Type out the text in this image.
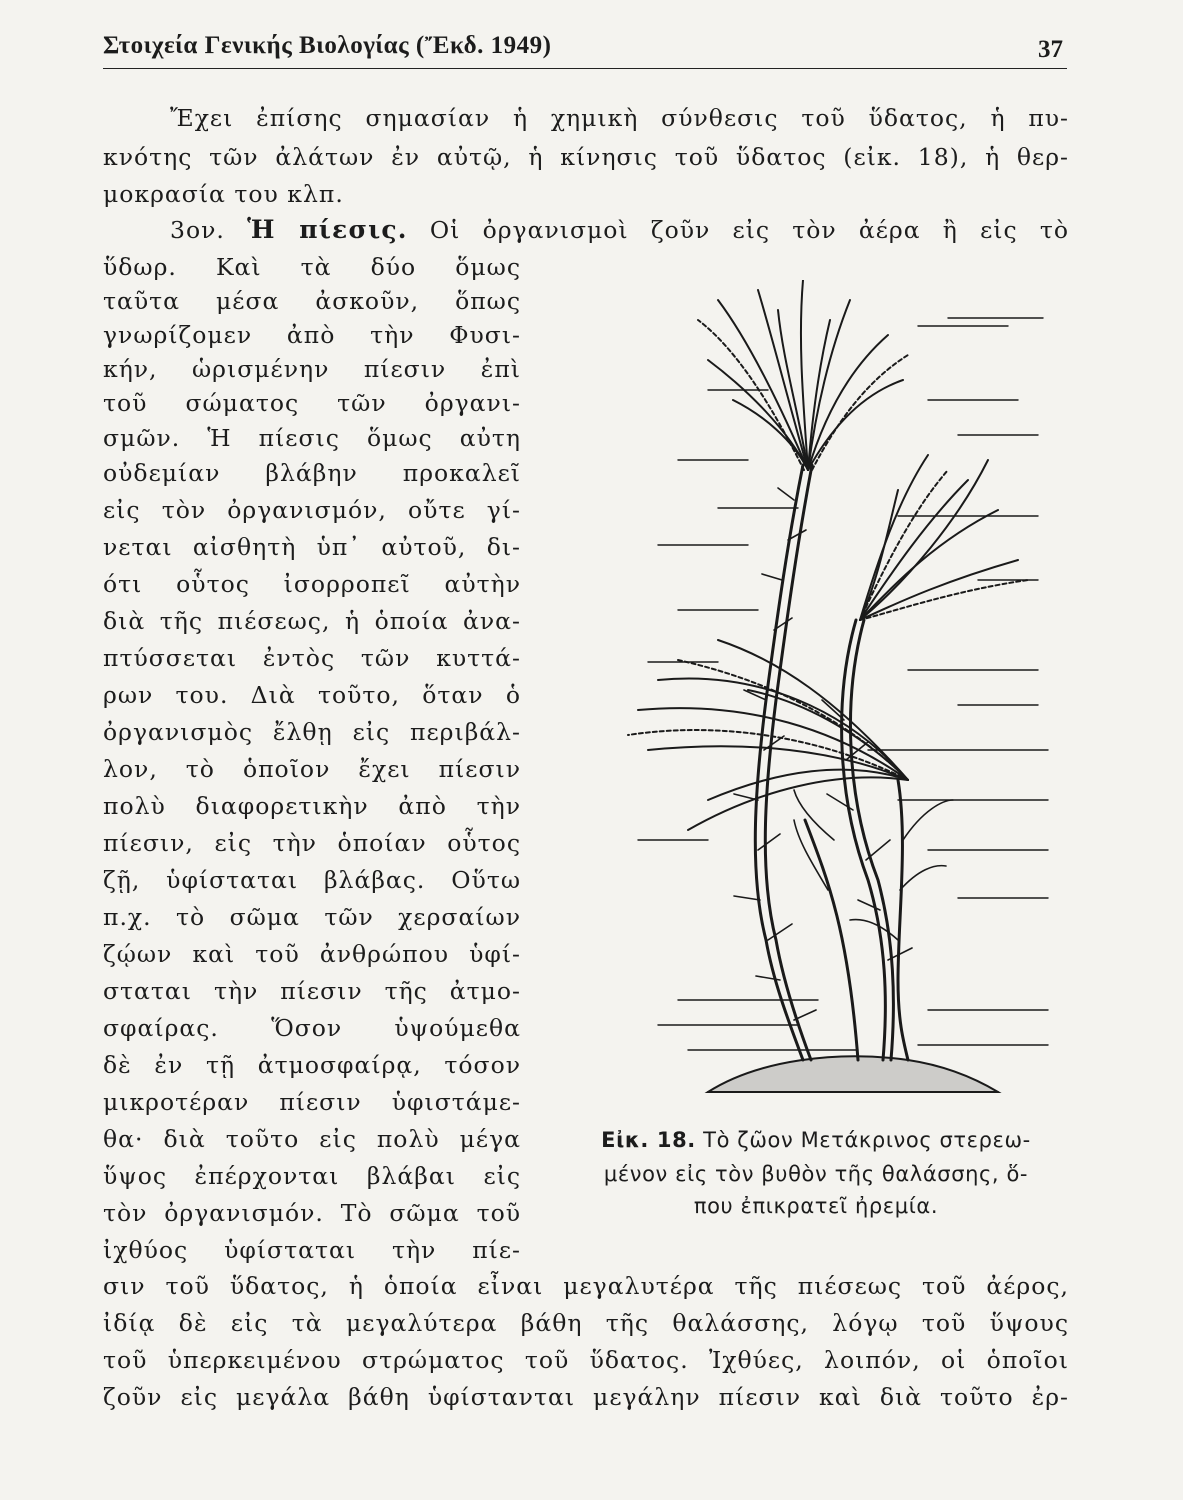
Στοιχεία Γενικής Βιολογίας (Ἔκδ. 1949)	37
Ἔχει ἐπίσης σημασίαν ἡ χημικὴ σύνθεσις τοῦ ὕδατος, ἡ πυ-
κνότης τῶν ἀλάτων ἐν αὐτῷ, ἡ κίνησις τοῦ ὕδατος (εἰκ. 18), ἡ θερ-
μοκρασία του κλπ.
3ον. Ἡ πίεσις. Οἱ ὀργανισμοὶ ζοῦν εἰς τὸν ἀέρα ἢ εἰς τὸ
ὕδωρ. Καὶ τὰ δύο ὅμως
ταῦτα μέσα ἀσκοῦν, ὅπως
γνωρίζομεν ἀπὸ τὴν Φυσι-
κήν, ὡρισμένην πίεσιν ἐπὶ
τοῦ σώματος τῶν ὀργανι-
σμῶν. Ἡ πίεσις ὅμως αὐτη
οὐδεμίαν βλάβην προκαλεῖ
εἰς τὸν ὀργανισμόν, οὔτε γί-
νεται αἰσθητὴ ὑπ᾽ αὐτοῦ, δι-
ότι οὗτος ἰσορροπεῖ αὐτὴν
διὰ τῆς πιέσεως, ἡ ὁποία ἀνα-
πτύσσεται ἐντὸς τῶν κυττά-
ρων του. Διὰ τοῦτο, ὅταν ὁ
ὀργανισμὸς ἔλθῃ εἰς περιβάλ-
λον, τὸ ὁποῖον ἔχει πίεσιν
πολὺ διαφορετικὴν ἀπὸ τὴν
πίεσιν, εἰς τὴν ὁποίαν οὗτος
ζῇ, ὑφίσταται βλάβας. Οὕτω
π.χ. τὸ σῶμα τῶν χερσαίων
ζῴων καὶ τοῦ ἀνθρώπου ὑφί-
σταται τὴν πίεσιν τῆς ἀτμο-
σφαίρας. Ὅσον ὑψούμεθα
δὲ ἐν τῇ ἀτμοσφαίρᾳ, τόσον
μικροτέραν πίεσιν ὑφιστάμε-
θα· διὰ τοῦτο εἰς πολὺ μέγα
ὕψος ἐπέρχονται βλάβαι εἰς
τὸν ὀργανισμόν. Τὸ σῶμα τοῦ
ἰχθύος ὑφίσταται τὴν πίε-
Εἰκ. 18. Τὸ ζῶον Μετάκρινος στερεω-
μένον εἰς τὸν βυθὸν τῆς θαλάσσης, ὅ-
που ἐπικρατεῖ ἠρεμία.
σιν τοῦ ὕδατος, ἡ ὁποία εἶναι μεγαλυτέρα τῆς πιέσεως τοῦ ἀέρος,
ἰδίᾳ δὲ εἰς τὰ μεγαλύτερα βάθη τῆς θαλάσσης, λόγῳ τοῦ ὕψους
τοῦ ὑπερκειμένου στρώματος τοῦ ὕδατος. Ἰχθύες, λοιπόν, οἱ ὁποῖοι
ζοῦν εἰς μεγάλα βάθη ὑφίστανται μεγάλην πίεσιν καὶ διὰ τοῦτο ἐρ-
